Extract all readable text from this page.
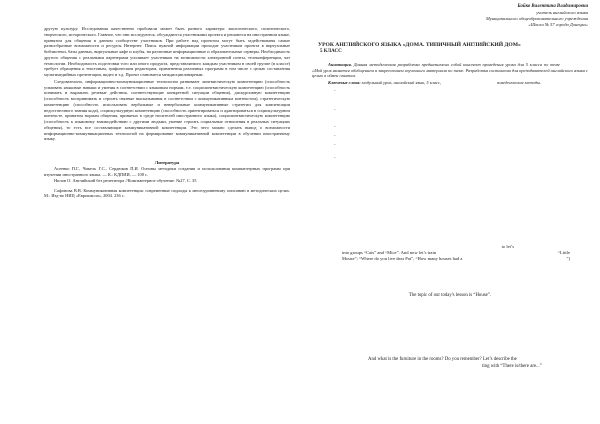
другую культуру. Исследования качественно пробовали может быть разного характера: экологического, политического, творческого, исторического. Главное, что они исследуются, обсуждаются участниками проекта и решаются на иностранном языке, принятом для общения в данном сообществе участников. При работе над проектом могут быть задействованы самые разнообразные возможности и ресурсы Интернет. Поиск нужной информации проходит участников проекта в виртуальные библиотеки, базы данных, виртуальные кафе и клубы, на различные информационные и образовательные серверы. Необходимость другого общения с реальными партнерами усиливает участников на возможности электронной почты, телеконференции, чат технологии. Необходимость подготовки того или иного продукта, представляемого каждым участником в своей группе (в классе) требует обращения к текстовым, графическим редакторам, применения различных программ в том числе с целью составления мультимедийных презентации, видео и т.д. Проект становится междисциплинарным.

Следовательно, информационно-коммуникационные технологии развивают лингвистическую компетенцию (способность усваивать языковые навыки и умения в соответствии с языковым нормам, т.е. социолингвистическую компетенцию (способность понимать и выражать речевые действия, соответствующие конкретной ситуации общения), дискурсивную компетенцию (способность воспринимать и строить связные высказывания в соответствии с коммуникативным контекстом), стратегическую компетенцию (способность использовать вербальные и невербальные коммуникативные стратегии для компенсации недостаточного знания кода), социокультурную компетенцию (способность ориентироваться и адаптироваться в социокультурном контексте, принятом нормам общения, принятых в среде носителей иностранного языка), социолингвистическую компетенцию (способность к языковому взаимодействию с другими людьми, умение строить социальные отношения в реальных ситуациях общения), то есть все составляющие коммуникативной компетенции. Это чего можно сделать вывод о возможности информационно-коммуникационных технологий на формирование коммуникативной компетенции в обучении иностранному языку.

Литература

Асеенко П.Г., Чикель Г.С., Сердюков П.И. Основы методики создания и использования компьютерных программ при изучении иностранного языка. — К.: КДПИИ, — 108 с.

Нилов О. Английский без репетитора //Компьютерное обучение. №27. С. 35

Сафонова В.В. Коммуникативная компетенция: современные подходы к многоуровневому описанию в методических целях. М.: Изд-во НИЦ «Еврошкола», 2004. 236 с.

Бойко Валентина Владимировна
учитель английского языка
Муниципального общеобразовательного учреждения
«Школа № 57 города Донецка»
УРОК АНГЛИЙСКОГО ЯЗЫКА «ДОМА. ТИПИЧНЫЙ АНГЛИЙСКИЙ ДОМ»
5 КЛАСС

Аннотация. Данная методическая разработка предназначена собой конспект проведения урока для 5 класса по теме«Мой урок является обобщением и закреплением изученного материала по теме. Разработка составлена для преподавателей английского языка с целью в обмен опытом.

Ключевые слова: модульный урок, английский язык, 5 класс,	поведенческие методы.

-
-
-
-
-
-
to let’s
into groups “Cats” and “Mice”. And now let’s train	“Little
Mouse”; “Where do you live dear Pat”, “How many houses had a	”)
The topic of our today's lesson is “House”.
And what is the furniture in the rooms? Do you remember? Let’s describe the
ting with “There is/there are...”
